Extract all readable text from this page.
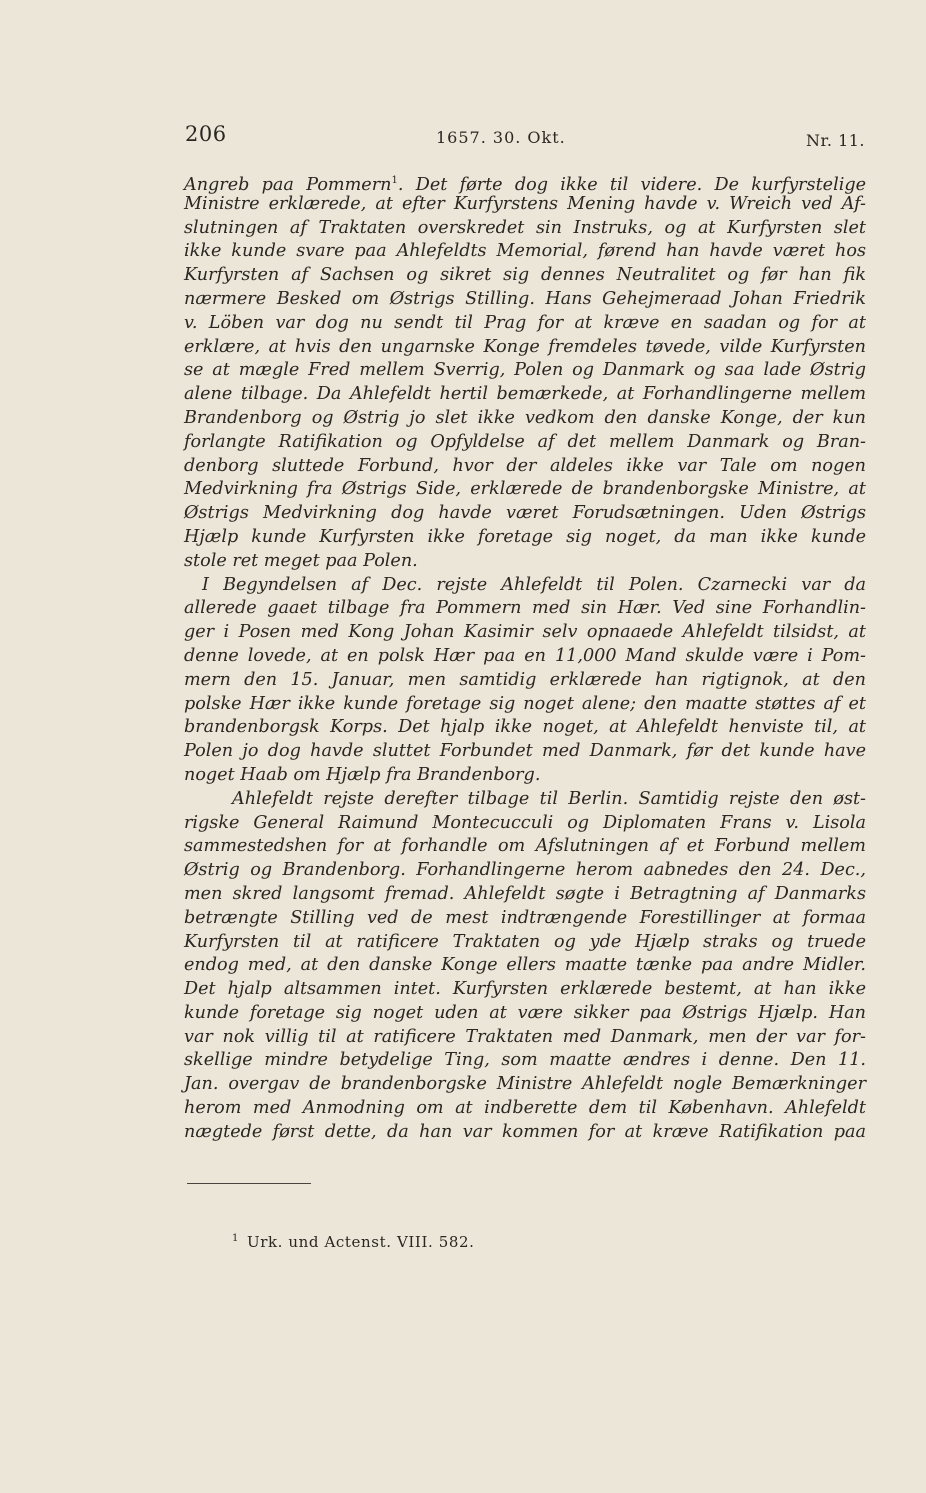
206	1657. 30. Okt.	Nr. 11.
Angreb paa Pommern$^1$. Det førte dog ikke til videre. De kurfyrstelige
Ministre erklærede, at efter Kurfyrstens Mening havde v. Wreich ved Af-
slutningen af Traktaten overskredet sin Instruks, og at Kurfyrsten slet
ikke kunde svare paa Ahlefeldts Memorial, førend han havde været hos
Kurfyrsten af Sachsen og sikret sig dennes Neutralitet og før han fik
nærmere Besked om Østrigs Stilling. Hans Gehejmeraad Johan Friedrik
v. Löben var dog nu sendt til Prag for at kræve en saadan og for at
erklære, at hvis den ungarnske Konge fremdeles tøvede, vilde Kurfyrsten
se at mægle Fred mellem Sverrig, Polen og Danmark og saa lade Østrig
alene tilbage. Da Ahlefeldt hertil bemærkede, at Forhandlingerne mellem
Brandenborg og Østrig jo slet ikke vedkom den danske Konge, der kun
forlangte Ratifikation og Opfyldelse af det mellem Danmark og Bran-
denborg sluttede Forbund, hvor der aldeles ikke var Tale om nogen
Medvirkning fra Østrigs Side, erklærede de brandenborgske Ministre, at
Østrigs Medvirkning dog havde været Forudsætningen. Uden Østrigs
Hjælp kunde Kurfyrsten ikke foretage sig noget, da man ikke kunde
stole ret meget paa Polen.
I Begyndelsen af Dec. rejste Ahlefeldt til Polen. Czarnecki var da
allerede gaaet tilbage fra Pommern med sin Hær. Ved sine Forhandlin-
ger i Posen med Kong Johan Kasimir selv opnaaede Ahlefeldt tilsidst, at
denne lovede, at en polsk Hær paa en 11,000 Mand skulde være i Pom-
mern den 15. Januar, men samtidig erklærede han rigtignok, at den
polske Hær ikke kunde foretage sig noget alene; den maatte støttes af et
brandenborgsk Korps. Det hjalp ikke noget, at Ahlefeldt henviste til, at
Polen jo dog havde sluttet Forbundet med Danmark, før det kunde have
noget Haab om Hjælp fra Brandenborg.
Ahlefeldt rejste derefter tilbage til Berlin. Samtidig rejste den øst-
rigske General Raimund Montecucculi og Diplomaten Frans v. Lisola
sammestedshen for at forhandle om Afslutningen af et Forbund mellem
Østrig og Brandenborg. Forhandlingerne herom aabnedes den 24. Dec.,
men skred langsomt fremad. Ahlefeldt søgte i Betragtning af Danmarks
betrængte Stilling ved de mest indtrængende Forestillinger at formaa
Kurfyrsten til at ratificere Traktaten og yde Hjælp straks og truede
endog med, at den danske Konge ellers maatte tænke paa andre Midler.
Det hjalp altsammen intet. Kurfyrsten erklærede bestemt, at han ikke
kunde foretage sig noget uden at være sikker paa Østrigs Hjælp. Han
var nok villig til at ratificere Traktaten med Danmark, men der var for-
skellige mindre betydelige Ting, som maatte ændres i denne. Den 11.
Jan. overgav de brandenborgske Ministre Ahlefeldt nogle Bemærkninger
herom med Anmodning om at indberette dem til København. Ahlefeldt
nægtede først dette, da han var kommen for at kræve Ratifikation paa
$^1$ Urk. und Actenst. VIII. 582.
